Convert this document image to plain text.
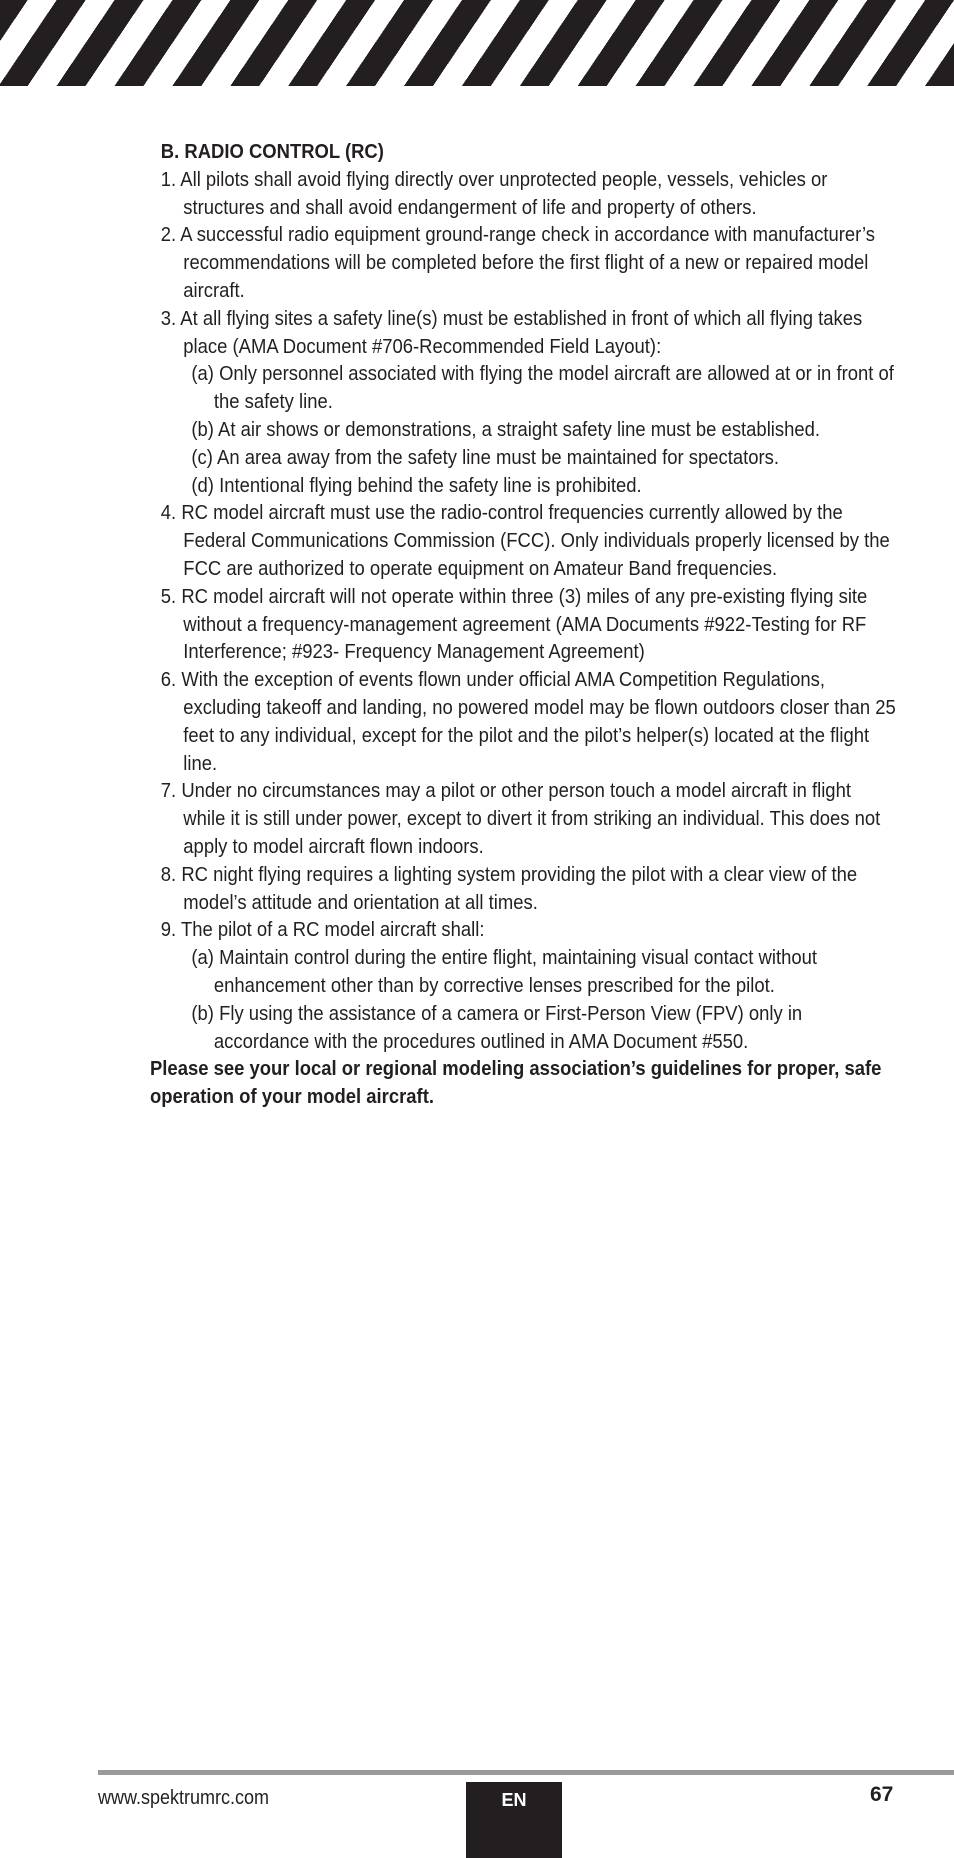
B. RADIO CONTROL (RC)
1. All pilots shall avoid flying directly over unprotected people, vessels, vehicles or structures and shall avoid endangerment of life and property of others.
2. A successful radio equipment ground-range check in accordance with manufacturer’s recommendations will be completed before the first flight of a new or repaired model aircraft.
3. At all flying sites a safety line(s) must be established in front of which all flying takes place (AMA Document #706-Recommended Field Layout):
(a) Only personnel associated with flying the model aircraft are allowed at or in front of the safety line.
(b) At air shows or demonstrations, a straight safety line must be established.
(c) An area away from the safety line must be maintained for spectators.
(d) Intentional flying behind the safety line is prohibited.
4. RC model aircraft must use the radio-control frequencies currently allowed by the Federal Communications Commission (FCC). Only individuals properly licensed by the FCC are authorized to operate equipment on Amateur Band frequencies.
5. RC model aircraft will not operate within three (3) miles of any pre-existing flying site without a frequency-management agreement (AMA Documents #922-Testing for RF Interference; #923- Frequency Management Agreement)
6. With the exception of events flown under official AMA Competition Regulations, excluding takeoff and landing, no powered model may be flown outdoors closer than 25 feet to any individual, except for the pilot and the pilot’s helper(s) located at the flight line.
7. Under no circumstances may a pilot or other person touch a model aircraft in flight while it is still under power, except to divert it from striking an individual. This does not apply to model aircraft flown indoors.
8. RC night flying requires a lighting system providing the pilot with a clear view of the model’s attitude and orientation at all times.
9. The pilot of a RC model aircraft shall:
(a) Maintain control during the entire flight, maintaining visual contact without enhancement other than by corrective lenses prescribed for the pilot.
(b) Fly using the assistance of a camera or First-Person View (FPV) only in accordance with the procedures outlined in AMA Document #550.
Please see your local or regional modeling association’s guidelines for proper, safe operation of your model aircraft.
www.spektrumrc.com	EN	67
